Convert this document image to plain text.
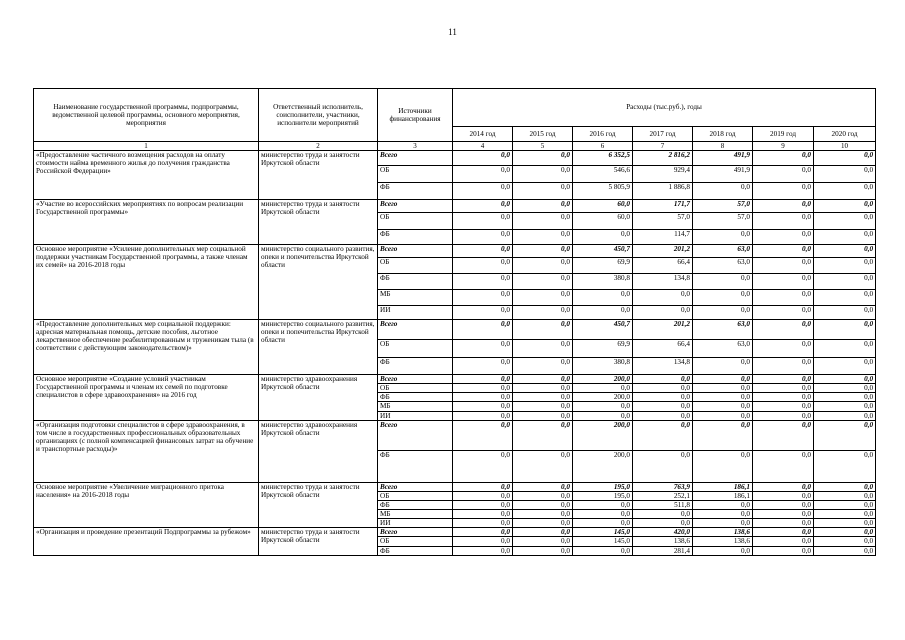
11
Наименование государственной программы, подпрограммы, ведомственной целевой программы, основного мероприятия, мероприятия	Ответственный исполнитель, соисполнители, участники, исполнители мероприятий	Источники финансирования	Расходы (тыс.руб.), годы						
			2014 год	2015 год	2016 год	2017 год	2018 год	2019 год	2020 год
1	2	3	4	5	6	7	8	9	10
«Предоставление частичного возмещения расходов на оплату стоимости найма временного жилья до получения гражданства Российской Федерации»	министерство труда и занятости Иркутской области	Всего	0,0	0,0	6 352,5	2 816,2	491,9	0,0	0,0
		ОБ	0,0	0,0	546,6	929,4	491,9	0,0	0,0
		ФБ	0,0	0,0	5 805,9	1 886,8	0,0	0,0	0,0
«Участие во всероссийских мероприятиях по вопросам реализации Государственной программы»	министерство труда и занятости Иркутской области	Всего	0,0	0,0	60,0	171,7	57,0	0,0	0,0
		ОБ	0,0	0,0	60,0	57,0	57,0	0,0	0,0
		ФБ	0,0	0,0	0,0	114,7	0,0	0,0	0,0
Основное мероприятие «Усиление дополнительных мер социальной поддержки участникам Государственной программы, а также членам их семей» на 2016-2018 годы	министерство социального развития, опеки и попечительства Иркутской области	Всего	0,0	0,0	450,7	201,2	63,0	0,0	0,0
		ОБ	0,0	0,0	69,9	66,4	63,0	0,0	0,0
		ФБ	0,0	0,0	380,8	134,8	0,0	0,0	0,0
		МБ	0,0	0,0	0,0	0,0	0,0	0,0	0,0
		ИИ	0,0	0,0	0,0	0,0	0,0	0,0	0,0
«Предоставление дополнительных мер социальной поддержки: адресная материальная помощь, детские пособия, льготное лекарственное обеспечение реабилитированным и труженикам тыла (в соответствии с действующим законодательством)»	министерство социального развития, опеки и попечительства Иркутской области	Всего	0,0	0,0	450,7	201,2	63,0	0,0	0,0
		ОБ	0,0	0,0	69,9	66,4	63,0	0,0	0,0
		ФБ	0,0	0,0	380,8	134,8	0,0	0,0	0,0
Основное мероприятие «Создание условий участникам Государственной программы и членам их семей по подготовке специалистов в сфере здравоохранения» на 2016 год	министерство здравоохранения Иркутской области	Всего	0,0	0,0	200,0	0,0	0,0	0,0	0,0
		ОБ	0,0	0,0	0,0	0,0	0,0	0,0	0,0
		ФБ	0,0	0,0	200,0	0,0	0,0	0,0	0,0
		МБ	0,0	0,0	0,0	0,0	0,0	0,0	0,0
		ИИ	0,0	0,0	0,0	0,0	0,0	0,0	0,0
«Организация подготовки специалистов в сфере здравоохранения, в том числе в государственных профессиональных образовательных организациях (с полной компенсацией финансовых затрат на обучение и транспортные расходы)»	министерство здравоохранения Иркутской области	Всего	0,0	0,0	200,0	0,0	0,0	0,0	0,0
		ФБ	0,0	0,0	200,0	0,0	0,0	0,0	0,0
Основное мероприятие «Увеличение миграционного притока населения» на 2016-2018 годы	министерство труда и занятости Иркутской области	Всего	0,0	0,0	195,0	763,9	186,1	0,0	0,0
		ОБ	0,0	0,0	195,0	252,1	186,1	0,0	0,0
		ФБ	0,0	0,0	0,0	511,8	0,0	0,0	0,0
		МБ	0,0	0,0	0,0	0,0	0,0	0,0	0,0
		ИИ	0,0	0,0	0,0	0,0	0,0	0,0	0,0
«Организация и проведение презентаций Подпрограммы за рубежом»	министерство труда и занятости Иркутской области	Всего	0,0	0,0	145,0	420,0	138,6	0,0	0,0
		ОБ	0,0	0,0	145,0	138,6	138,6	0,0	0,0
		ФБ	0,0	0,0	0,0	281,4	0,0	0,0	0,0
